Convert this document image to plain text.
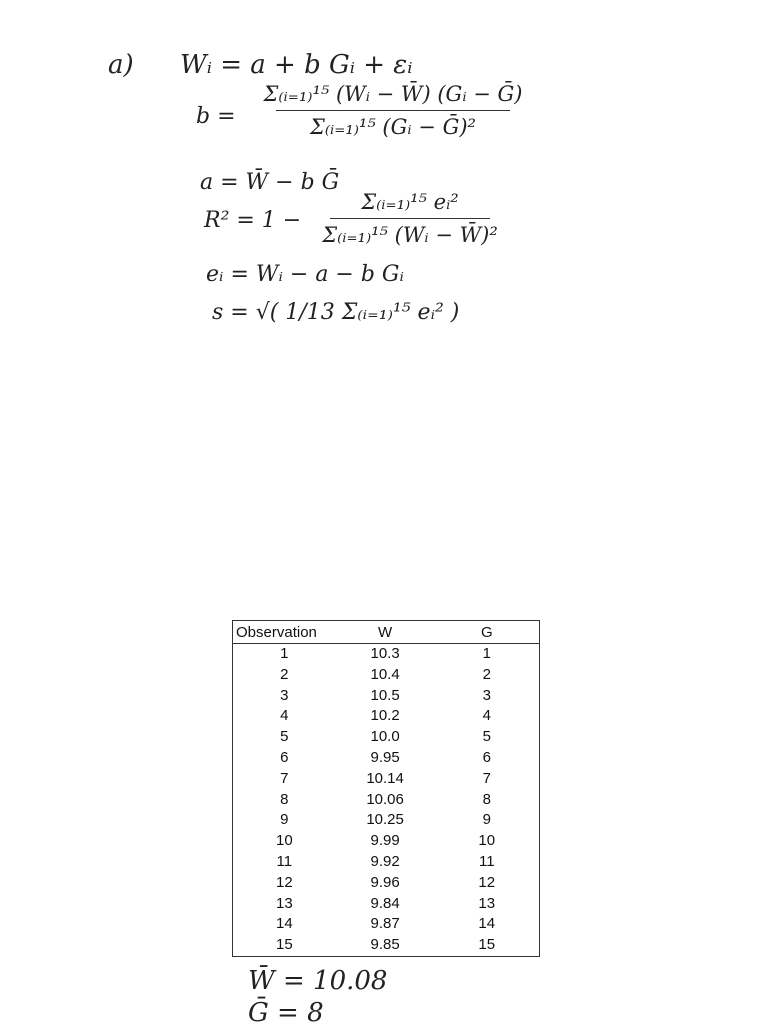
a) Wᵢ = a + b Gᵢ + εᵢ
b =
Σ₍ᵢ₌₁₎¹⁵ (Wᵢ − W̄) (Gᵢ − Ḡ)
Σ₍ᵢ₌₁₎¹⁵ (Gᵢ − Ḡ)²
a = W̄ − b Ḡ
R² = 1 −
Σ₍ᵢ₌₁₎¹⁵ eᵢ²
Σ₍ᵢ₌₁₎¹⁵ (Wᵢ − W̄)²
eᵢ = Wᵢ − a − b Gᵢ
s = √( 1/13 Σ₍ᵢ₌₁₎¹⁵ eᵢ² )
Observation	W	G
1	10.3	1
2	10.4	2
3	10.5	3
4	10.2	4
5	10.0	5
6	9.95	6
7	10.14	7
8	10.06	8
9	10.25	9
10	9.99	10
11	9.92	11
12	9.96	12
13	9.84	13
14	9.87	14
15	9.85	15
W̄ = 10.08
Ḡ = 8
